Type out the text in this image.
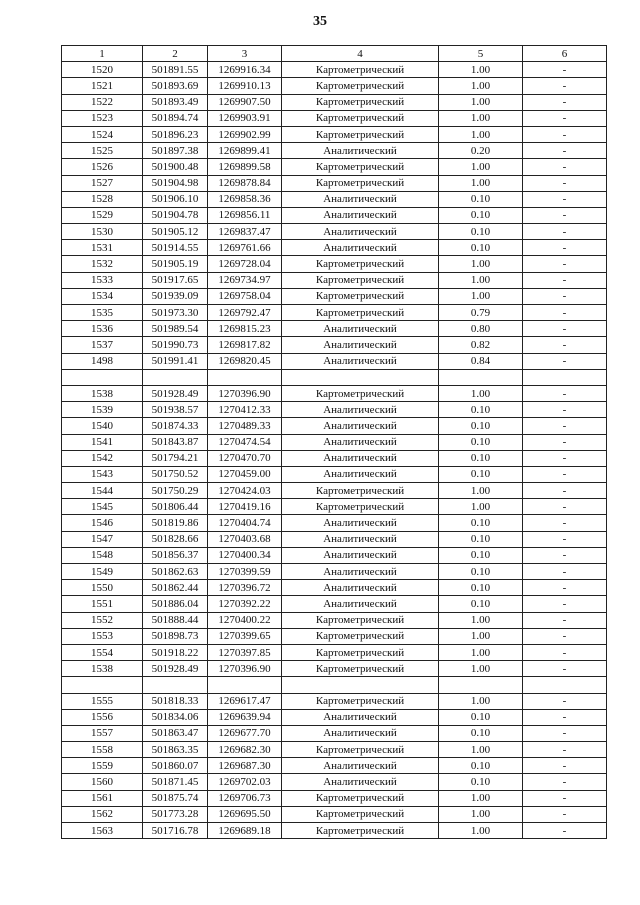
35
1	2	3	4	5	6
1520	501891.55	1269916.34	Картометрический	1.00	-
1521	501893.69	1269910.13	Картометрический	1.00	-
1522	501893.49	1269907.50	Картометрический	1.00	-
1523	501894.74	1269903.91	Картометрический	1.00	-
1524	501896.23	1269902.99	Картометрический	1.00	-
1525	501897.38	1269899.41	Аналитический	0.20	-
1526	501900.48	1269899.58	Картометрический	1.00	-
1527	501904.98	1269878.84	Картометрический	1.00	-
1528	501906.10	1269858.36	Аналитический	0.10	-
1529	501904.78	1269856.11	Аналитический	0.10	-
1530	501905.12	1269837.47	Аналитический	0.10	-
1531	501914.55	1269761.66	Аналитический	0.10	-
1532	501905.19	1269728.04	Картометрический	1.00	-
1533	501917.65	1269734.97	Картометрический	1.00	-
1534	501939.09	1269758.04	Картометрический	1.00	-
1535	501973.30	1269792.47	Картометрический	0.79	-
1536	501989.54	1269815.23	Аналитический	0.80	-
1537	501990.73	1269817.82	Аналитический	0.82	-
1498	501991.41	1269820.45	Аналитический	0.84	-

1538	501928.49	1270396.90	Картометрический	1.00	-
1539	501938.57	1270412.33	Аналитический	0.10	-
1540	501874.33	1270489.33	Аналитический	0.10	-
1541	501843.87	1270474.54	Аналитический	0.10	-
1542	501794.21	1270470.70	Аналитический	0.10	-
1543	501750.52	1270459.00	Аналитический	0.10	-
1544	501750.29	1270424.03	Картометрический	1.00	-
1545	501806.44	1270419.16	Картометрический	1.00	-
1546	501819.86	1270404.74	Аналитический	0.10	-
1547	501828.66	1270403.68	Аналитический	0.10	-
1548	501856.37	1270400.34	Аналитический	0.10	-
1549	501862.63	1270399.59	Аналитический	0.10	-
1550	501862.44	1270396.72	Аналитический	0.10	-
1551	501886.04	1270392.22	Аналитический	0.10	-
1552	501888.44	1270400.22	Картометрический	1.00	-
1553	501898.73	1270399.65	Картометрический	1.00	-
1554	501918.22	1270397.85	Картометрический	1.00	-
1538	501928.49	1270396.90	Картометрический	1.00	-

1555	501818.33	1269617.47	Картометрический	1.00	-
1556	501834.06	1269639.94	Аналитический	0.10	-
1557	501863.47	1269677.70	Аналитический	0.10	-
1558	501863.35	1269682.30	Картометрический	1.00	-
1559	501860.07	1269687.30	Аналитический	0.10	-
1560	501871.45	1269702.03	Аналитический	0.10	-
1561	501875.74	1269706.73	Картометрический	1.00	-
1562	501773.28	1269695.50	Картометрический	1.00	-
1563	501716.78	1269689.18	Картометрический	1.00	-
